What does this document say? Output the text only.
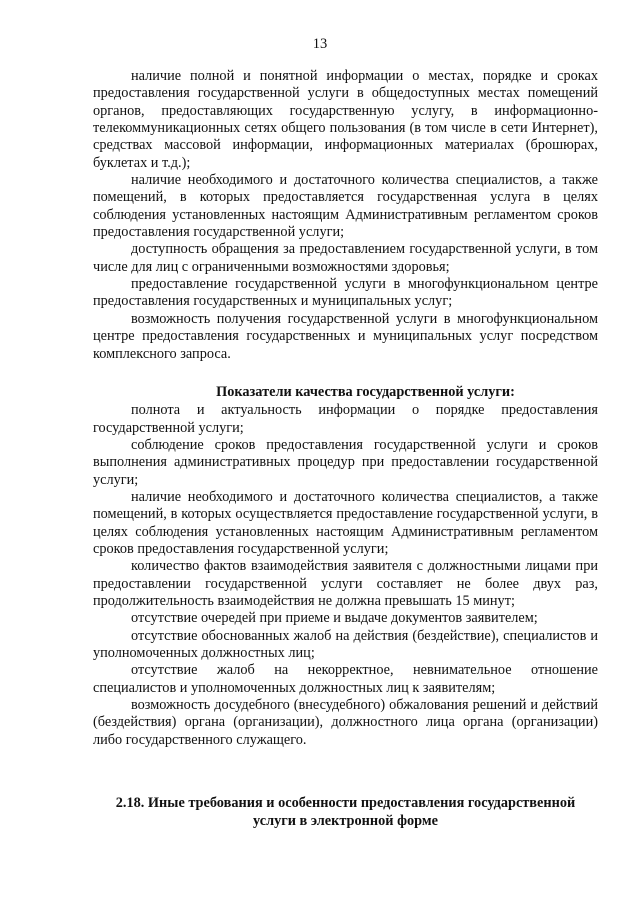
13

наличие полной и понятной информации о местах, порядке и сроках предоставления государственной услуги в общедоступных местах помещений органов, предоставляющих государственную услугу, в информационно-телекоммуникационных сетях общего пользования (в том числе в сети Интернет), средствах массовой информации, информационных материалах (брошюрах, буклетах и т.д.);

наличие необходимого и достаточного количества специалистов, а также помещений, в которых предоставляется государственная услуга в целях соблюдения установленных настоящим Административным регламентом сроков предоставления государственной услуги;

доступность обращения за предоставлением государственной услуги, в том числе для лиц с ограниченными возможностями здоровья;

предоставление государственной услуги в многофункциональном центре предоставления государственных и муниципальных услуг;

возможность получения государственной услуги в многофункциональном центре предоставления государственных и муниципальных услуг посредством комплексного запроса.

Показатели качества государственной услуги:

полнота и актуальность информации о порядке предоставления государственной услуги;

соблюдение сроков предоставления государственной услуги и сроков выполнения административных процедур при предоставлении государственной услуги;

наличие необходимого и достаточного количества специалистов, а также помещений, в которых осуществляется предоставление государственной услуги, в целях соблюдения установленных настоящим Административным регламентом сроков предоставления государственной услуги;

количество фактов взаимодействия заявителя с должностными лицами при предоставлении государственной услуги составляет не более двух раз, продолжительность взаимодействия не должна превышать 15 минут;

отсутствие очередей при приеме и выдаче документов заявителем;

отсутствие обоснованных жалоб на действия (бездействие), специалистов и уполномоченных должностных лиц;

отсутствие жалоб на некорректное, невнимательное отношение специалистов и уполномоченных должностных лиц к заявителям;

возможность досудебного (внесудебного) обжалования решений и действий (бездействия) органа (организации), должностного лица органа (организации) либо государственного служащего.

2.18. Иные требования и особенности предоставления государственной
услуги в электронной форме
